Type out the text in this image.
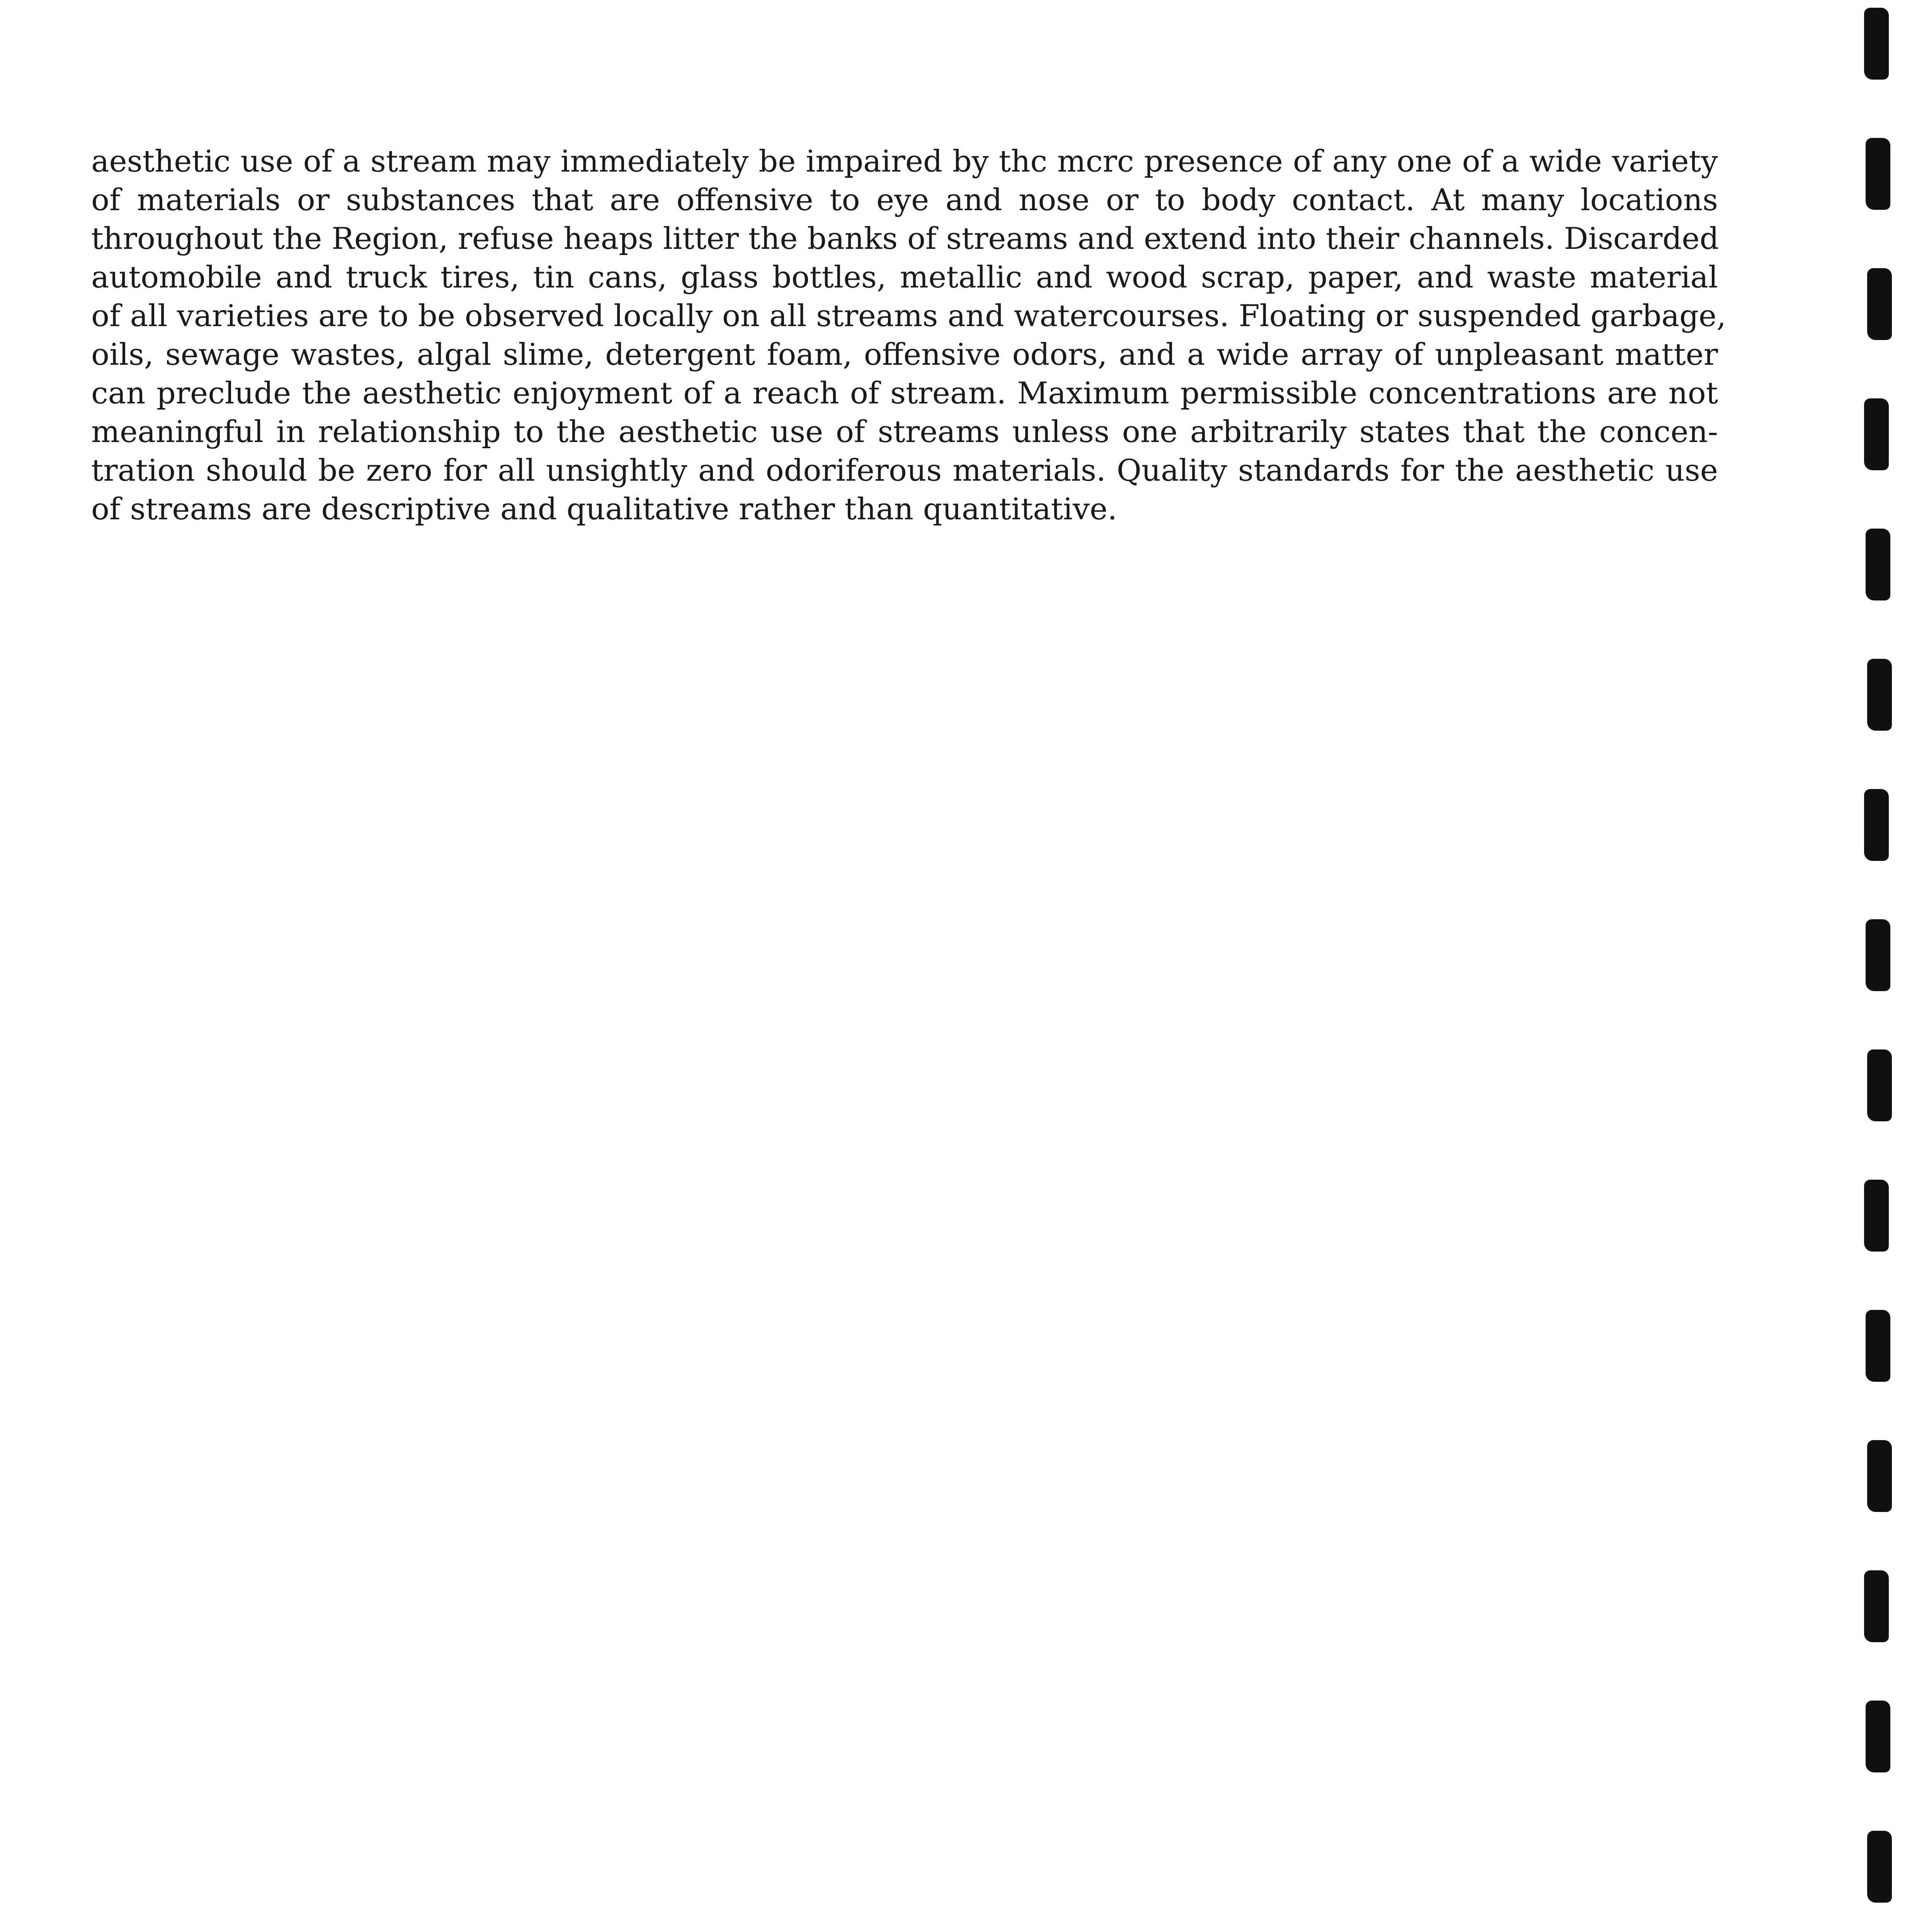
aesthetic use of a stream may immediately be impaired by thc mcrc presence of any one of a wide variety
of materials or substances that are offensive to eye and nose or to body contact. At many locations
throughout the Region, refuse heaps litter the banks of streams and extend into their channels. Discarded
automobile and truck tires, tin cans, glass bottles, metallic and wood scrap, paper, and waste material
of all varieties are to be observed locally on all streams and watercourses. Floating or suspended garbage,
oils, sewage wastes, algal slime, detergent foam, offensive odors, and a wide array of unpleasant matter
can preclude the aesthetic enjoyment of a reach of stream. Maximum permissible concentrations are not
meaningful in relationship to the aesthetic use of streams unless one arbitrarily states that the concen-
tration should be zero for all unsightly and odoriferous materials. Quality standards for the aesthetic use
of streams are descriptive and qualitative rather than quantitative.
